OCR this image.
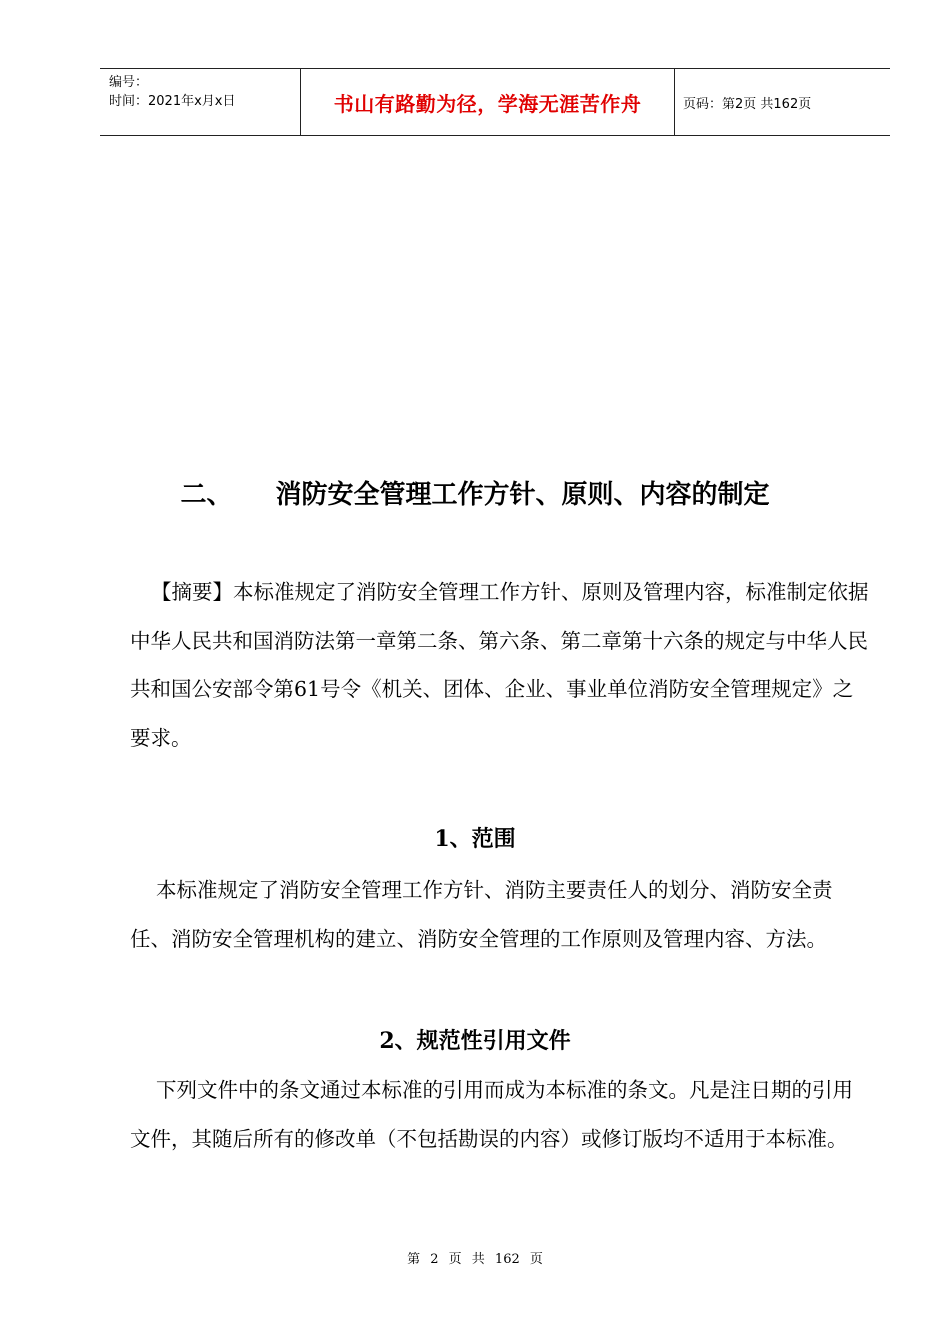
编号：
时间：2021年x月x日	书山有路勤为径，学海无涯苦作舟	页码：第2页 共162页
二、 消防安全管理工作方针、原则、内容的制定

【摘要】本标准规定了消防安全管理工作方针、原则及管理内容，标准制定依据中华人民共和国消防法第一章第二条、第六条、第二章第十六条的规定与中华人民共和国公安部令第61号令《机关、团体、企业、事业单位消防安全管理规定》之要求。

1、范围

本标准规定了消防安全管理工作方针、消防主要责任人的划分、消防安全责任、消防安全管理机构的建立、消防安全管理的工作原则及管理内容、方法。

2、规范性引用文件

下列文件中的条文通过本标准的引用而成为本标准的条文。凡是注日期的引用文件，其随后所有的修改单（不包括勘误的内容）或修订版均不适用于本标准。

第 2 页 共 162 页
